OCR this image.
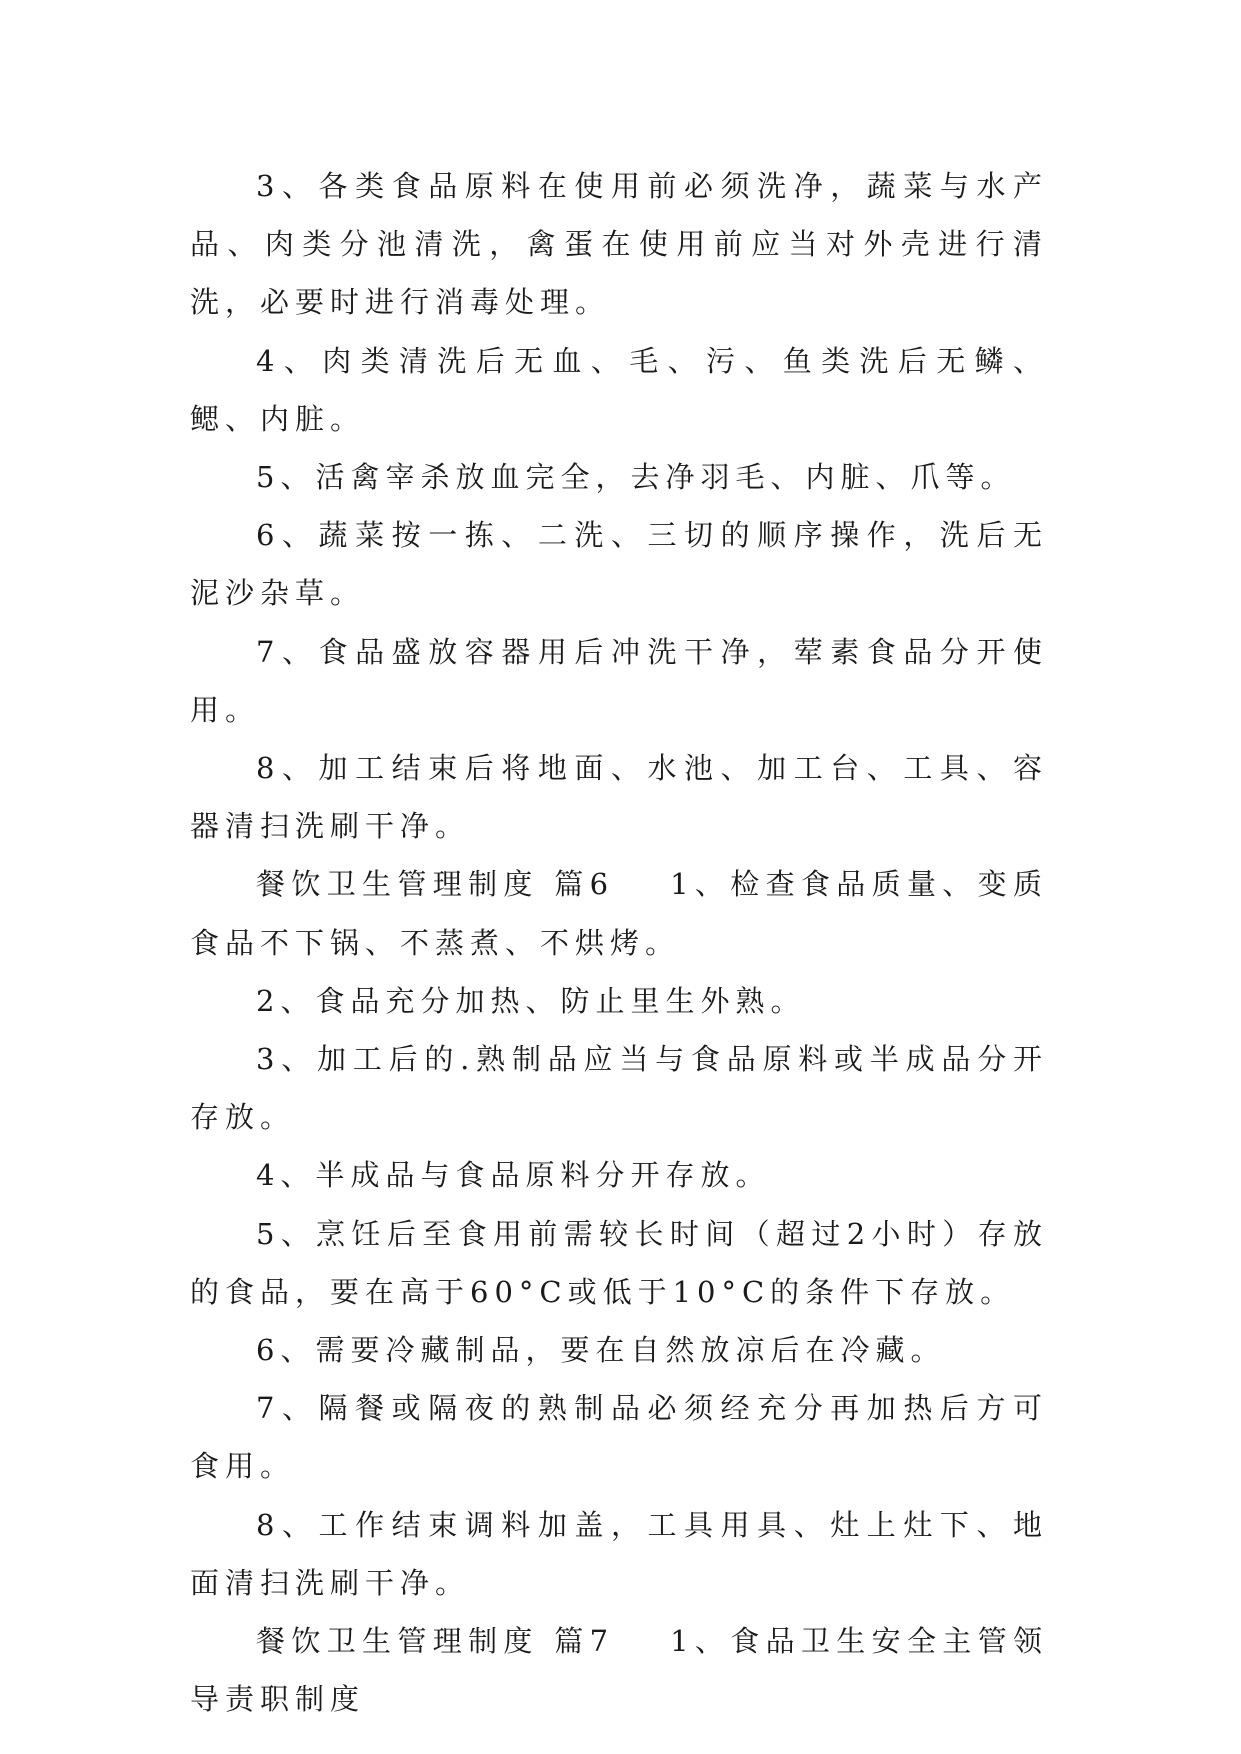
3、各类食品原料在使用前必须洗净，蔬菜与水产品、肉类分池清洗，禽蛋在使用前应当对外壳进行清洗，必要时进行消毒处理。

4、肉类清洗后无血、毛、污、鱼类洗后无鳞、鳃、内脏。

5、活禽宰杀放血完全，去净羽毛、内脏、爪等。

6、蔬菜按一拣、二洗、三切的顺序操作，洗后无泥沙杂草。

7、食品盛放容器用后冲洗干净，荤素食品分开使用。

8、加工结束后将地面、水池、加工台、工具、容器清扫洗刷干净。

餐饮卫生管理制度 篇6 1、检查食品质量、变质食品不下锅、不蒸煮、不烘烤。

2、食品充分加热、防止里生外熟。

3、加工后的.熟制品应当与食品原料或半成品分开存放。

4、半成品与食品原料分开存放。

5、烹饪后至食用前需较长时间（超过2小时）存放的食品，要在高于60°C或低于10°C的条件下存放。

6、需要冷藏制品，要在自然放凉后在冷藏。

7、隔餐或隔夜的熟制品必须经充分再加热后方可食用。

8、工作结束调料加盖，工具用具、灶上灶下、地面清扫洗刷干净。

餐饮卫生管理制度 篇7 1、食品卫生安全主管领导责职制度
